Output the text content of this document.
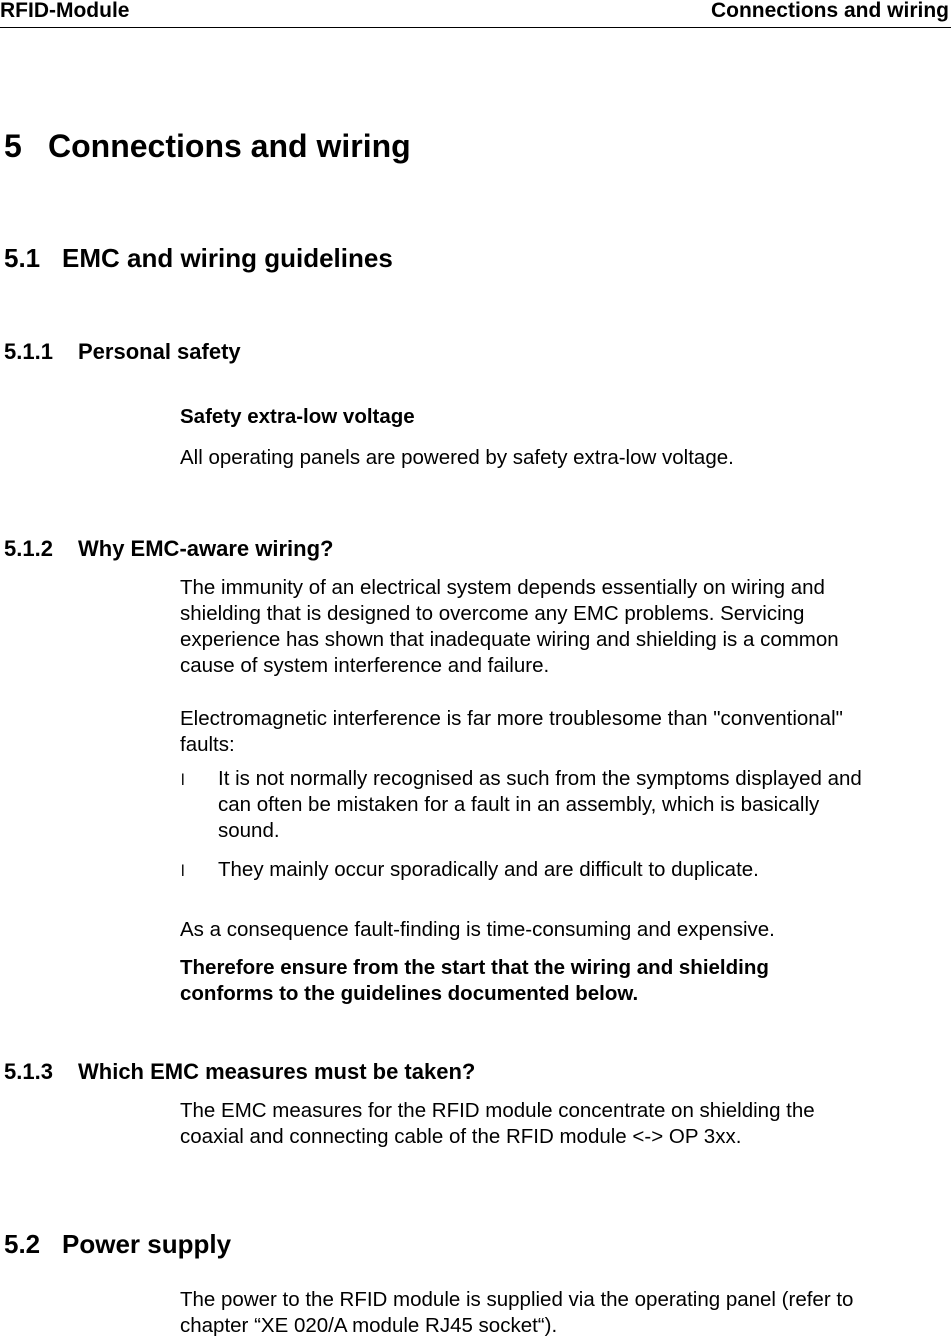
RFID-Module	Connections and wiring
5 Connections and wiring
5.1 EMC and wiring guidelines
5.1.1 Personal safety
Safety extra-low voltage
All operating panels are powered by safety extra-low voltage.
5.1.2 Why EMC-aware wiring?
The immunity of an electrical system depends essentially on wiring and
shielding that is designed to overcome any EMC problems. Servicing
experience has shown that inadequate wiring and shielding is a common
cause of system interference and failure.
Electromagnetic interference is far more troublesome than "conventional"
faults:
l It is not normally recognised as such from the symptoms displayed and
can often be mistaken for a fault in an assembly, which is basically
sound.
l They mainly occur sporadically and are difficult to duplicate.
As a consequence fault-finding is time-consuming and expensive.
Therefore ensure from the start that the wiring and shielding
conforms to the guidelines documented below.
5.1.3 Which EMC measures must be taken?
The EMC measures for the RFID module concentrate on shielding the
coaxial and connecting cable of the RFID module <-> OP 3xx.
5.2 Power supply
The power to the RFID module is supplied via the operating panel (refer to
chapter “XE 020/A module RJ45 socket“).
